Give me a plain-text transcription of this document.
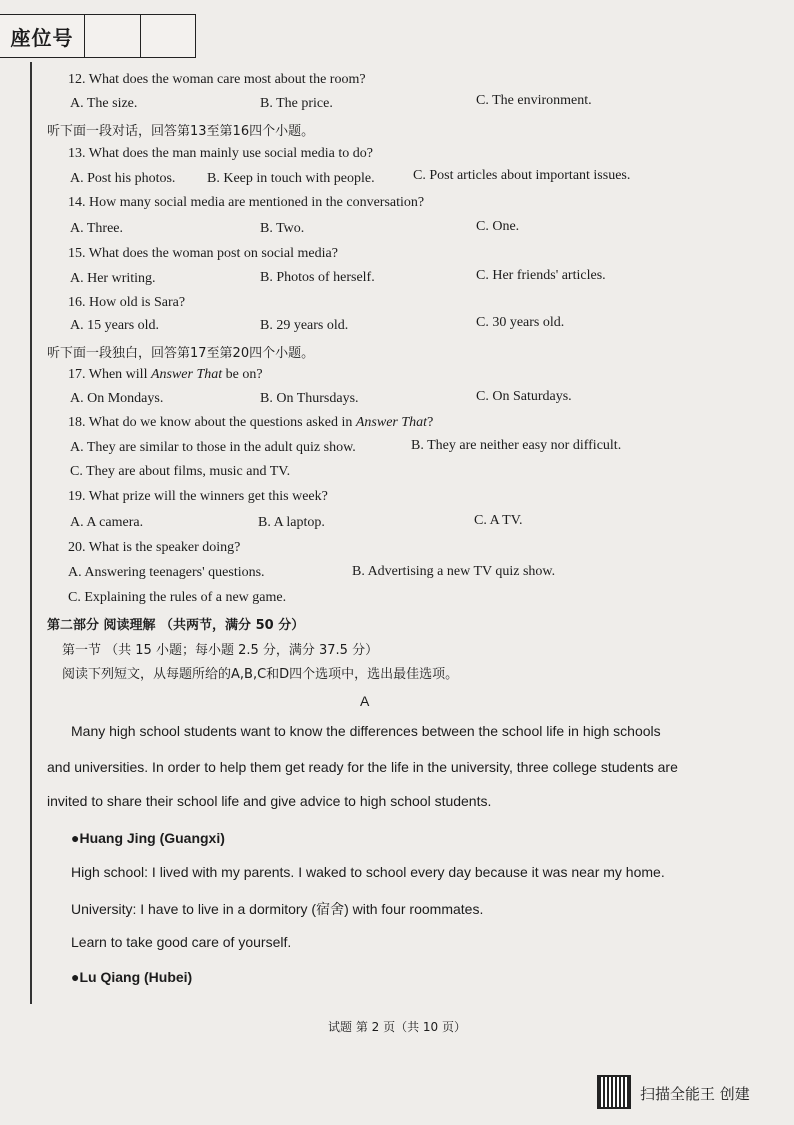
座位号
12. What does the woman care most about the room?
A. The size.	B. The price.	C. The environment.
听下面一段对话，回答第13至第16四个小题。
13. What does the man mainly use social media to do?
A. Post his photos. B. Keep in touch with people.	C. Post articles about important issues.
14. How many social media are mentioned in the conversation?
A. Three.	B. Two.	C. One.
15. What does the woman post on social media?
A. Her writing.	B. Photos of herself.	C. Her friends' articles.
16. How old is Sara?
A. 15 years old.	B. 29 years old.	C. 30 years old.
听下面一段独白，回答第17至第20四个小题。
17. When will Answer That be on?
A. On Mondays.	B. On Thursdays.	C. On Saturdays.
18. What do we know about the questions asked in Answer That?
A. They are similar to those in the adult quiz show.	B. They are neither easy nor difficult.
C. They are about films, music and TV.
19. What prize will the winners get this week?
A. A camera.	B. A laptop.	C. A TV.
20. What is the speaker doing?
A. Answering teenagers' questions.	B. Advertising a new TV quiz show.
C. Explaining the rules of a new game.
第二部分 阅读理解 （共两节，满分 50 分）
第一节 （共 15 小题；每小题 2.5 分，满分 37.5 分）
阅读下列短文，从每题所给的A,B,C和D四个选项中，选出最佳选项。
A
Many high school students want to know the differences between the school life in high schools
and universities. In order to help them get ready for the life in the university, three college students are
invited to share their school life and give advice to high school students.
●Huang Jing (Guangxi)
High school: I lived with my parents. I waked to school every day because it was near my home.
University: I have to live in a dormitory (宿舍) with four roommates.
Learn to take good care of yourself.
●Lu Qiang (Hubei)
试题 第 2 页（共 10 页）
扫描全能王 创建
